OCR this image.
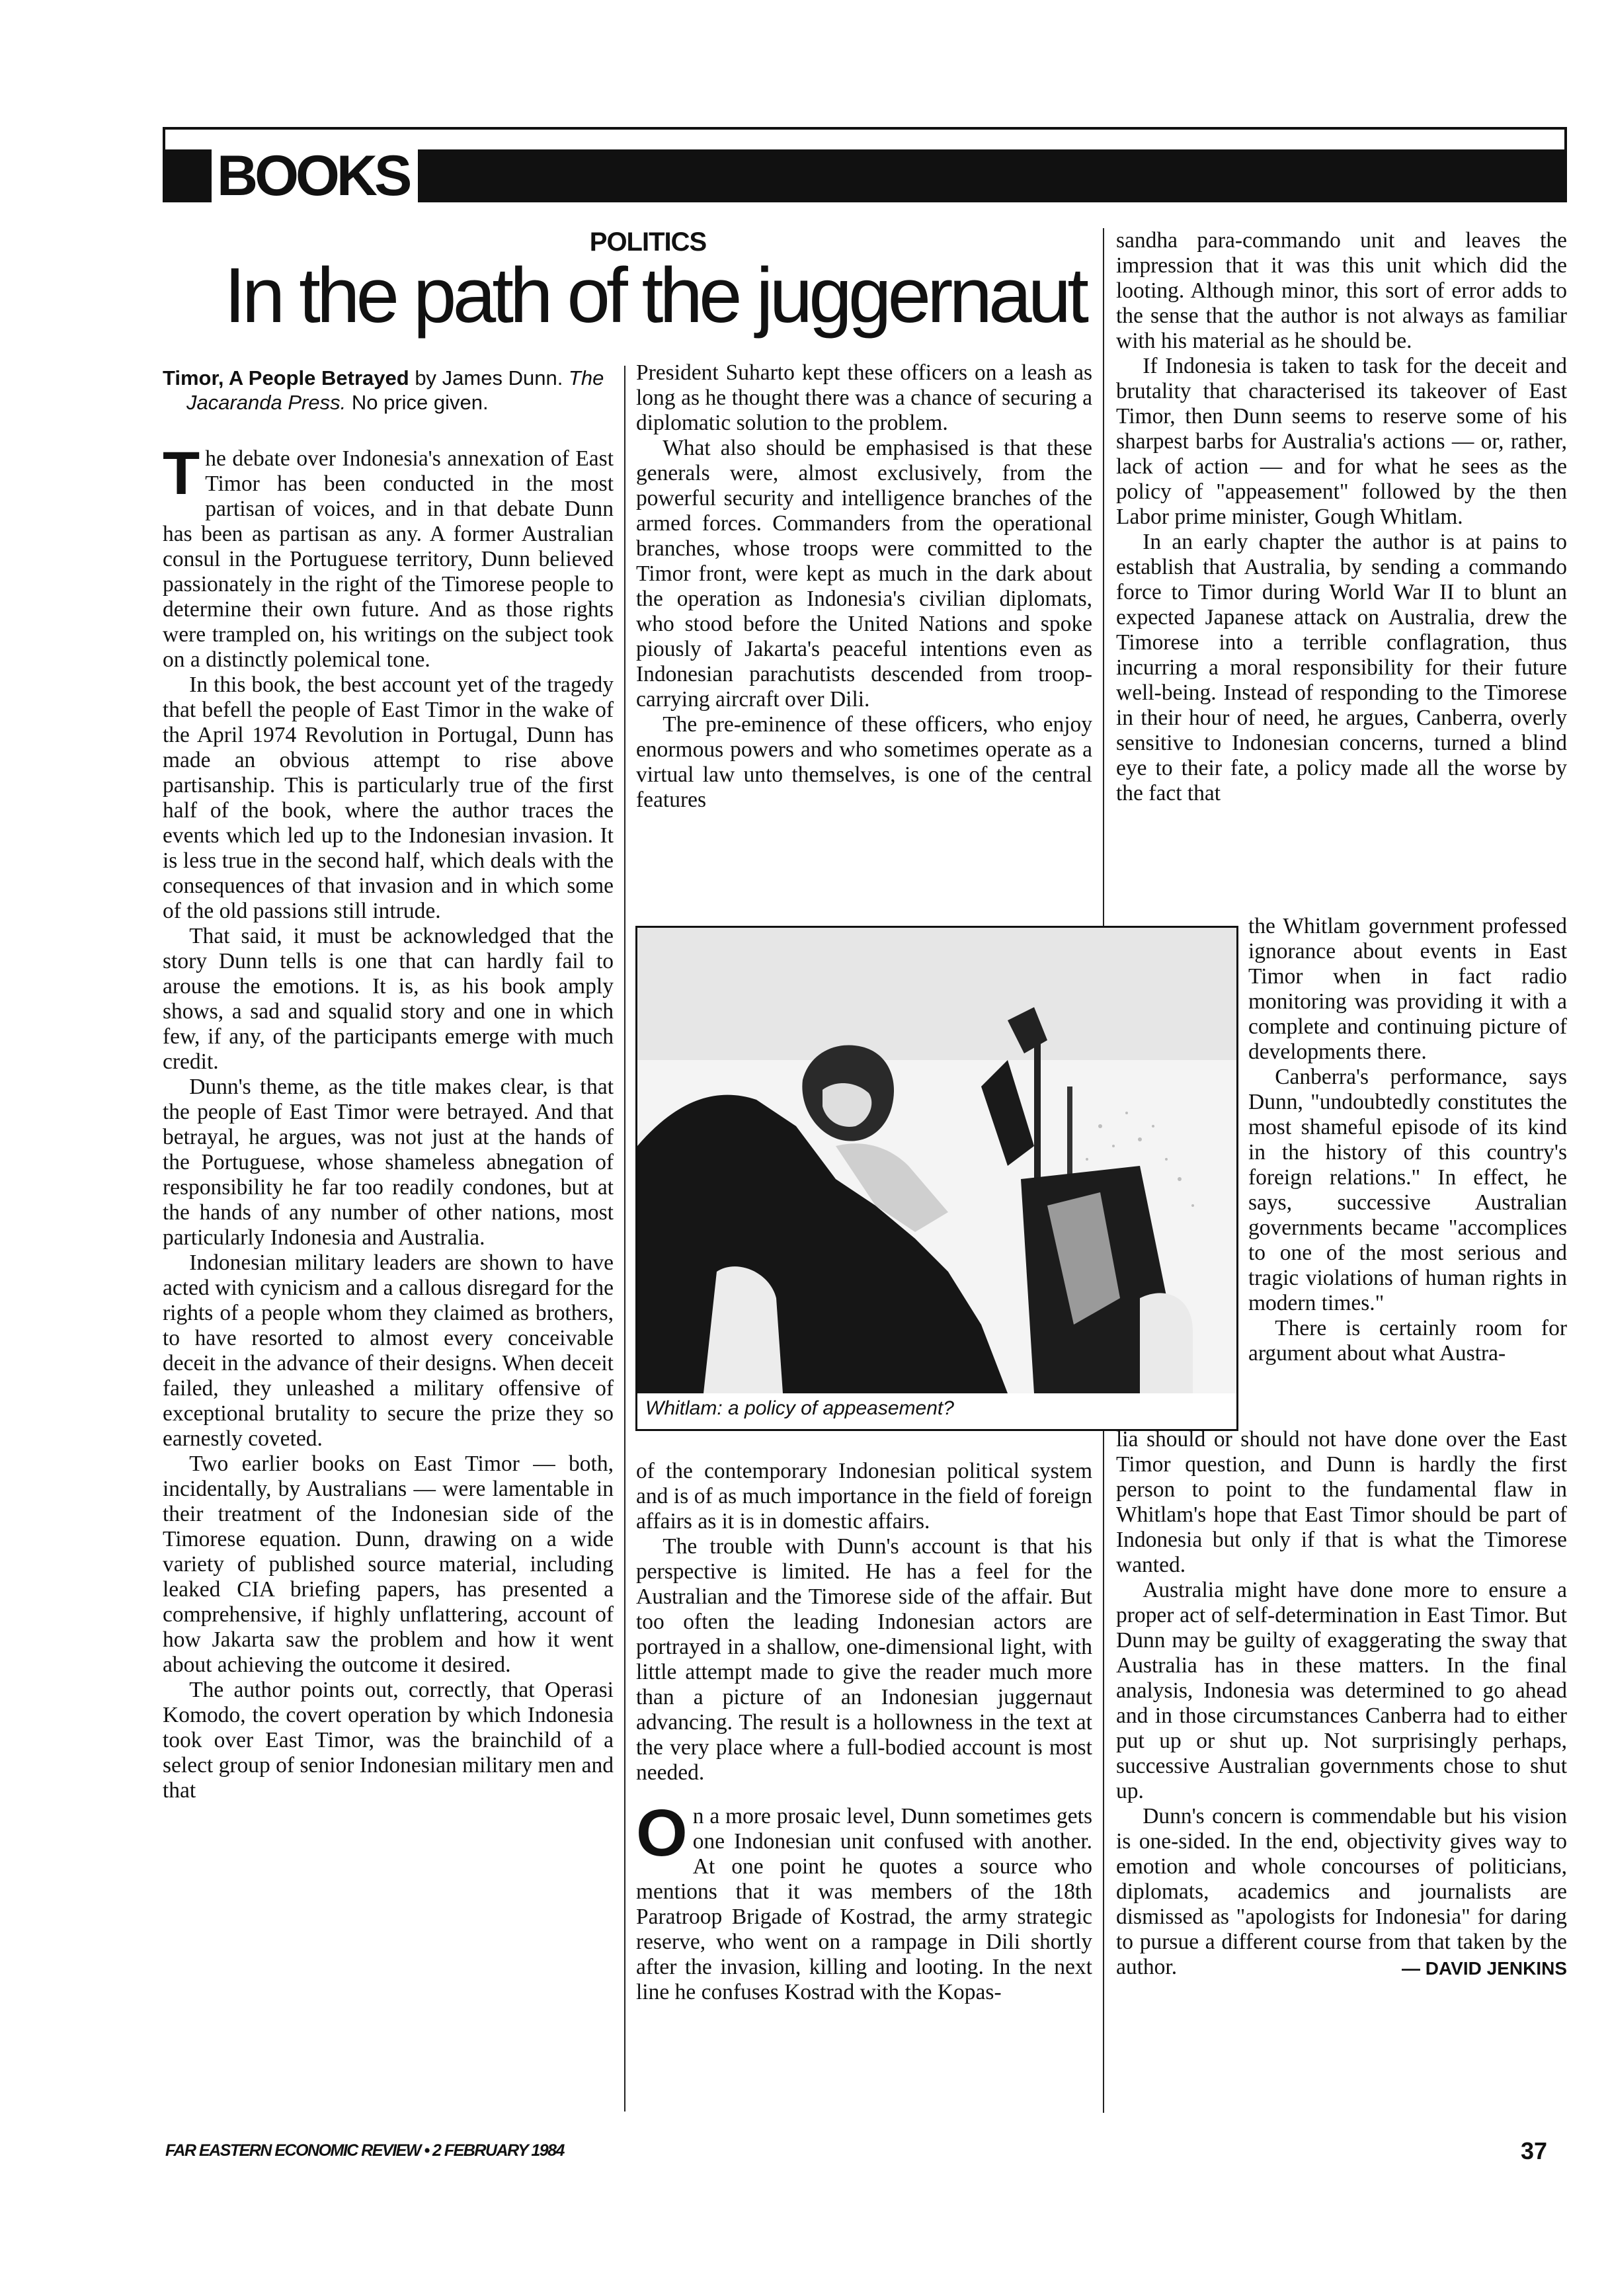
BOOKS
POLITICS
In the path of the juggernaut
Timor, A People Betrayed by James Dunn. The Jacaranda Press. No price given.

The debate over Indonesia's annexation of East Timor has been conducted in the most partisan of voices, and in that debate Dunn has been as partisan as any. A former Australian consul in the Portuguese territory, Dunn believed passionately in the right of the Timorese people to determine their own future. And as those rights were trampled on, his writings on the subject took on a distinctly polemical tone.

In this book, the best account yet of the tragedy that befell the people of East Timor in the wake of the April 1974 Revolution in Portugal, Dunn has made an obvious attempt to rise above partisanship. This is particularly true of the first half of the book, where the author traces the events which led up to the Indonesian invasion. It is less true in the second half, which deals with the consequences of that invasion and in which some of the old passions still intrude.

That said, it must be acknowledged that the story Dunn tells is one that can hardly fail to arouse the emotions. It is, as his book amply shows, a sad and squalid story and one in which few, if any, of the participants emerge with much credit.

Dunn's theme, as the title makes clear, is that the people of East Timor were betrayed. And that betrayal, he argues, was not just at the hands of the Portuguese, whose shameless abnegation of responsibility he far too readily condones, but at the hands of any number of other nations, most particularly Indonesia and Australia.

Indonesian military leaders are shown to have acted with cynicism and a callous disregard for the rights of a people whom they claimed as brothers, to have resorted to almost every conceivable deceit in the advance of their designs. When deceit failed, they unleashed a military offensive of exceptional brutality to secure the prize they so earnestly coveted.

Two earlier books on East Timor — both, incidentally, by Australians — were lamentable in their treatment of the Indonesian side of the Timorese equation. Dunn, drawing on a wide variety of published source material, including leaked CIA briefing papers, has presented a comprehensive, if highly unflattering, account of how Jakarta saw the problem and how it went about achieving the outcome it desired.

The author points out, correctly, that Operasi Komodo, the covert operation by which Indonesia took over East Timor, was the brainchild of a select group of senior Indonesian military men and that

President Suharto kept these officers on a leash as long as he thought there was a chance of securing a diplomatic solution to the problem.

What also should be emphasised is that these generals were, almost exclusively, from the powerful security and intelligence branches of the armed forces. Commanders from the operational branches, whose troops were committed to the Timor front, were kept as much in the dark about the operation as Indonesia's civilian diplomats, who stood before the United Nations and spoke piously of Jakarta's peaceful intentions even as Indonesian parachutists descended from troop-carrying aircraft over Dili.

The pre-eminence of these officers, who enjoy enormous powers and who sometimes operate as a virtual law unto themselves, is one of the central features

Whitlam: a policy of appeasement?

of the contemporary Indonesian political system and is of as much importance in the field of foreign affairs as it is in domestic affairs.

The trouble with Dunn's account is that his perspective is limited. He has a feel for the Australian and the Timorese side of the affair. But too often the leading Indonesian actors are portrayed in a shallow, one-dimensional light, with little attempt made to give the reader much more than a picture of an Indonesian juggernaut advancing. The result is a hollowness in the text at the very place where a full-bodied account is most needed.

On a more prosaic level, Dunn sometimes gets one Indonesian unit confused with another. At one point he quotes a source who mentions that it was members of the 18th Paratroop Brigade of Kostrad, the army strategic reserve, who went on a rampage in Dili shortly after the invasion, killing and looting. In the next line he confuses Kostrad with the Kopas-

sandha para-commando unit and leaves the impression that it was this unit which did the looting. Although minor, this sort of error adds to the sense that the author is not always as familiar with his material as he should be.

If Indonesia is taken to task for the deceit and brutality that characterised its takeover of East Timor, then Dunn seems to reserve some of his sharpest barbs for Australia's actions — or, rather, lack of action — and for what he sees as the policy of "appeasement" followed by the then Labor prime minister, Gough Whitlam.

In an early chapter the author is at pains to establish that Australia, by sending a commando force to Timor during World War II to blunt an expected Japanese attack on Australia, drew the Timorese into a terrible conflagration, thus incurring a moral responsibility for their future well-being. Instead of responding to the Timorese in their hour of need, he argues, Canberra, overly sensitive to Indonesian concerns, turned a blind eye to their fate, a policy made all the worse by the fact that

the Whitlam government professed ignorance about events in East Timor when in fact radio monitoring was providing it with a complete and continuing picture of developments there.

Canberra's performance, says Dunn, "undoubtedly constitutes the most shameful episode of its kind in the history of this country's foreign relations." In effect, he says, successive Australian governments became "accomplices to one of the most serious and tragic violations of human rights in modern times."

There is certainly room for argument about what Austra-

lia should or should not have done over the East Timor question, and Dunn is hardly the first person to point to the fundamental flaw in Whitlam's hope that East Timor should be part of Indonesia but only if that is what the Timorese wanted.

Australia might have done more to ensure a proper act of self-determination in East Timor. But Dunn may be guilty of exaggerating the sway that Australia has in these matters. In the final analysis, Indonesia was determined to go ahead and in those circumstances Canberra had to either put up or shut up. Not surprisingly perhaps, successive Australian governments chose to shut up.

Dunn's concern is commendable but his vision is one-sided. In the end, objectivity gives way to emotion and whole concourses of politicians, diplomats, academics and journalists are dismissed as "apologists for Indonesia" for daring to pursue a different course from that taken by the author.	— DAVID JENKINS

FAR EASTERN ECONOMIC REVIEW • 2 FEBRUARY 1984	37
